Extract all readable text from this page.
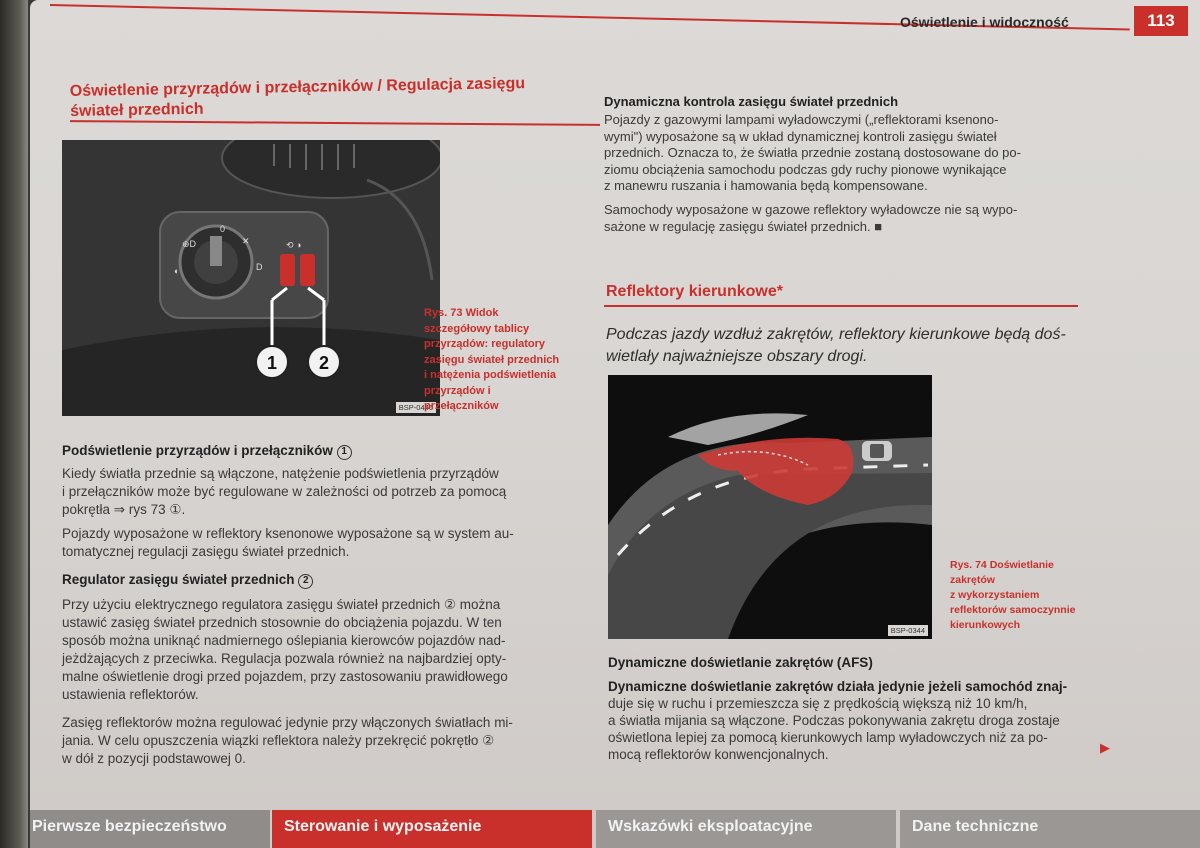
Oświetlenie i widoczność	113
Oświetlenie przyrządów i przełączników / Regulacja zasięgu
świateł przednich
⊕D
◐
0
✕
D
⟲ ◑
1 2
BSP-0446
Rys. 73 Widok
szczegółowy tablicy
przyrządów: regulatory
zasięgu świateł przednich
i natężenia podświetlenia
przyrządów i
przełączników
Podświetlenie przyrządów i przełączników 1
Kiedy światła przednie są włączone, natężenie podświetlenia przyrządów
i przełączników może być regulowane w zależności od potrzeb za pomocą
pokrętła ⇒ rys 73 ①.
Pojazdy wyposażone w reflektory ksenonowe wyposażone są w system au-
tomatycznej regulacji zasięgu świateł przednich.
Regulator zasięgu świateł przednich 2
Przy użyciu elektrycznego regulatora zasięgu świateł przednich ② można
ustawić zasięg świateł przednich stosownie do obciążenia pojazdu. W ten
sposób można uniknąć nadmiernego oślepiania kierowców pojazdów nad-
jeżdżających z przeciwka. Regulacja pozwala również na najbardziej opty-
malne oświetlenie drogi przed pojazdem, przy zastosowaniu prawidłowego
ustawienia reflektorów.
Zasięg reflektorów można regulować jedynie przy włączonych światłach mi-
jania. W celu opuszczenia wiązki reflektora należy przekręcić pokrętło ②
w dół z pozycji podstawowej 0.
Dynamiczna kontrola zasięgu świateł przednich
Pojazdy z gazowymi lampami wyładowczymi („reflektorami ksenono-
wymi") wyposażone są w układ dynamicznej kontroli zasięgu świateł
przednich. Oznacza to, że światła przednie zostaną dostosowane do po-
ziomu obciążenia samochodu podczas gdy ruchy pionowe wynikające
z manewru ruszania i hamowania będą kompensowane.
Samochody wyposażone w gazowe reflektory wyładowcze nie są wypo-
sażone w regulację zasięgu świateł przednich. ■
Reflektory kierunkowe*
Podczas jazdy wzdłuż zakrętów, reflektory kierunkowe będą doś-
wietlały najważniejsze obszary drogi.
BSP-0344
Rys. 74 Doświetlanie
zakrętów
z wykorzystaniem
reflektorów samoczynnie
kierunkowych
Dynamiczne doświetlanie zakrętów (AFS)
Dynamiczne doświetlanie zakrętów działa jedynie jeżeli samochód znaj-
duje się w ruchu i przemieszcza się z prędkością większą niż 10 km/h,
a światła mijania są włączone. Podczas pokonywania zakrętu droga zostaje
oświetlona lepiej za pomocą kierunkowych lamp wyładowczych niż za po-
mocą reflektorów konwencjonalnych.	▶
Pierwsze bezpieczeństwo	Sterowanie i wyposażenie	Wskazówki eksploatacyjne	Dane techniczne
